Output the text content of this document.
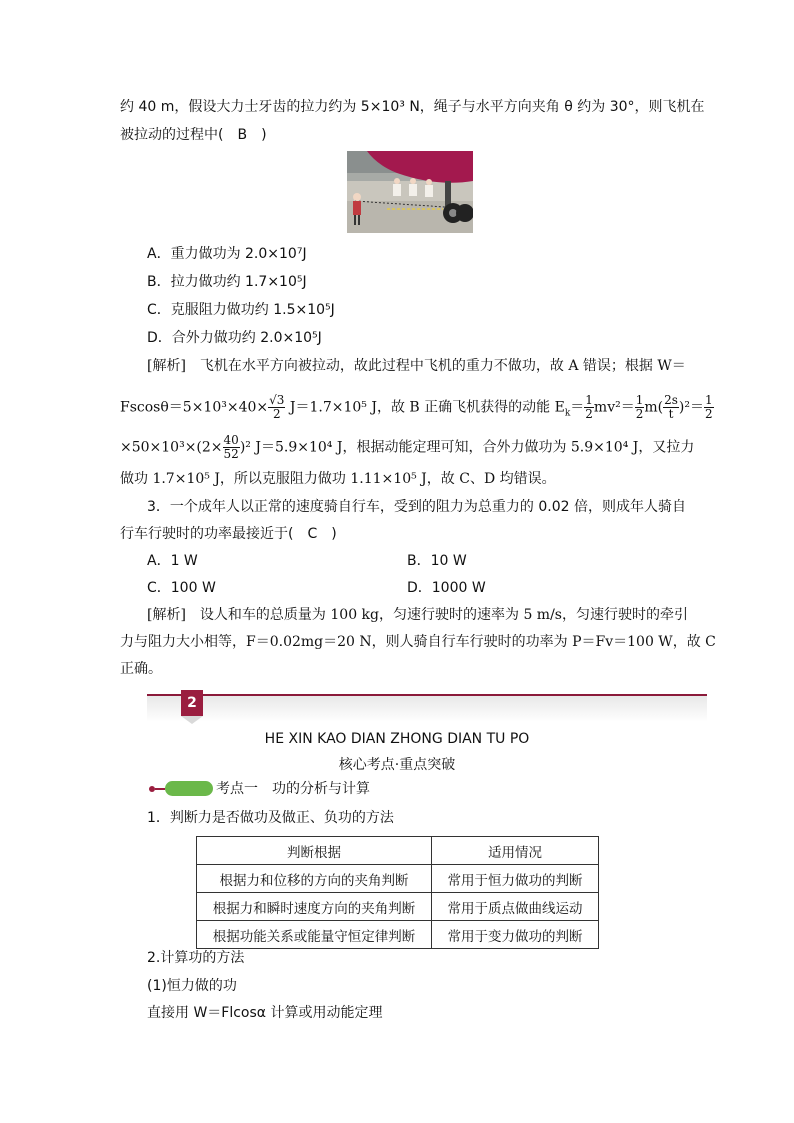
约 40 m，假设大力士牙齿的拉力约为 5×10³ N，绳子与水平方向夹角 θ 约为 30°，则飞机在
被拉动的过程中(　B　)
A．重力做功为 2.0×10⁷J
B．拉力做功约 1.7×10⁵J
C．克服阻力做功约 1.5×10⁵J
D．合外力做功约 2.0×10⁵J
[解析]　飞机在水平方向被拉动，故此过程中飞机的重力不做功，故 A 错误；根据 W＝
$Fscos\theta=5\times 10^3\times 40\times \frac{√3}{2} J=1.7\times 10^5$ J，故 B 正确飞机获得的动能 $E_k= \frac{1}{2} mv^2= \frac{1}{2} m( \frac{2s}{t} )^2= \frac{1}{2}$
$\times 50\times 10^3\times(2\times \frac{40}{52} )^2$ J＝5.9×10⁴ J，根据动能定理可知，合外力做功为 5.9×10⁴ J，又拉力
做功 1.7×10⁵ J，所以克服阻力做功 1.11×10⁵ J，故 C、D 均错误。
3．一个成年人以正常的速度骑自行车，受到的阻力为总重力的 0.02 倍，则成年人骑自
行车行驶时的功率最接近于(　C　)
A．1 W	B．10 W
C．100 W	D．1000 W
[解析]　设人和车的总质量为 100 kg，匀速行驶时的速率为 5 m/s，匀速行驶时的牵引
力与阻力大小相等，F＝0.02mg＝20 N，则人骑自行车行驶时的功率为 P＝Fv＝100 W，故 C
正确。
2
HE XIN KAO DIAN ZHONG DIAN TU PO
核心考点·重点突破
考点一　功的分析与计算
1．判断力是否做功及做正、负功的方法
判断根据	适用情况
根据力和位移的方向的夹角判断	常用于恒力做功的判断
根据力和瞬时速度方向的夹角判断	常用于质点做曲线运动
根据功能关系或能量守恒定律判断	常用于变力做功的判断
2.计算功的方法
(1)恒力做的功
直接用 W＝Flcosα 计算或用动能定理
